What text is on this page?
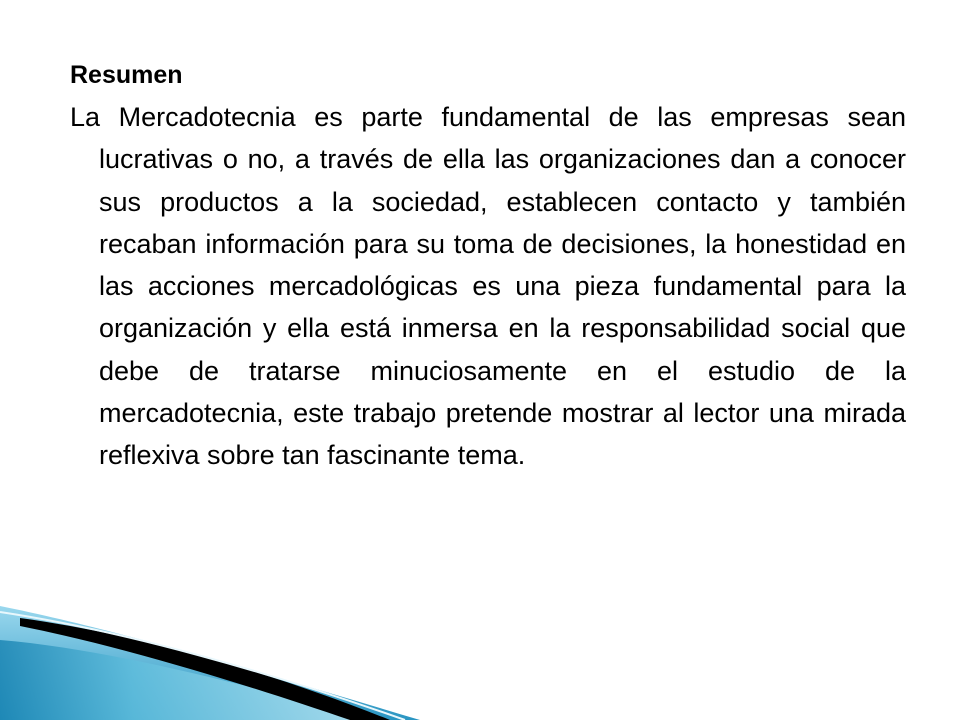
Resumen

La Mercadotecnia es parte fundamental de las empresas sean lucrativas o no, a través de ella las organizaciones dan a conocer sus productos a la sociedad, establecen contacto y también recaban información para su toma de decisiones, la honestidad en las acciones mercadológicas es una pieza fundamental para la organización y ella está inmersa en la responsabilidad social que debe de tratarse minuciosamente en el estudio de la mercadotecnia, este trabajo pretende mostrar al lector una mirada reflexiva sobre tan fascinante tema.
